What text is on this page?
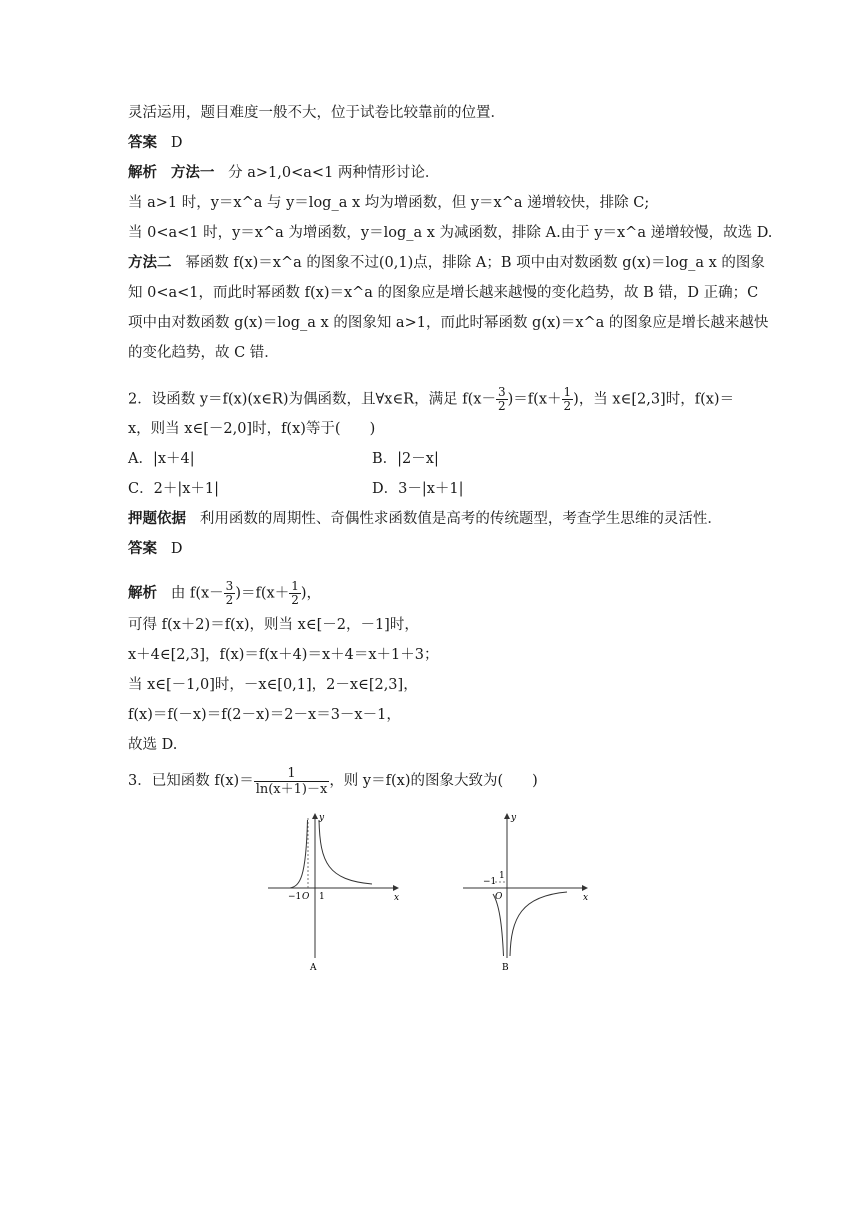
灵活运用，题目难度一般不大，位于试卷比较靠前的位置．
答案 D
解析 方法一 分 a>1,0<a<1 两种情形讨论．
当 a>1 时，y＝x^a 与 y＝log_a x 均为增函数，但 y＝x^a 递增较快，排除 C;
当 0<a<1 时，y＝x^a 为增函数，y＝log_a x 为减函数，排除 A.由于 y＝x^a 递增较慢，故选 D.
方法二 幂函数 f(x)＝x^a 的图象不过(0,1)点，排除 A；B 项中由对数函数 g(x)＝log_a x 的图象
知 0<a<1，而此时幂函数 f(x)＝x^a 的图象应是增长越来越慢的变化趋势，故 B 错，D 正确；C
项中由对数函数 g(x)＝log_a x 的图象知 a>1，而此时幂函数 g(x)＝x^a 的图象应是增长越来越快
的变化趋势，故 C 错．
2．设函数 y＝f(x)(x∈R)为偶函数，且∀x∈R，满足 $f(x- \frac{3}{2} )=f(x+ \frac{1}{2}$ )，当 x∈[2,3]时，f(x)＝
x，则当 x∈[－2,0]时，f(x)等于(　　)
A．|x＋4|	B．|2－x|
C．2＋|x＋1|	D．3－|x＋1|
押题依据 利用函数的周期性、奇偶性求函数值是高考的传统题型，考查学生思维的灵活性．
答案 D
解析 由 $f(x- \frac{3}{2} )=f(x+ \frac{1}{2}$ )，
可得 f(x＋2)＝f(x)，则当 x∈[－2，－1]时，
x＋4∈[2,3]，f(x)＝f(x＋4)＝x＋4＝x＋1＋3；
当 x∈[－1,0]时，－x∈[0,1]，2－x∈[2,3]，
f(x)＝f(－x)＝f(2－x)＝2－x＝3－x－1，
故选 D.
3．已知函数 $f(x)= \frac{1}{\ln(x+1)-x}$ ，则 y＝f(x)的图象大致为(　　)
y
x
O
−1 1
A
y
x
O
−1
1
B
